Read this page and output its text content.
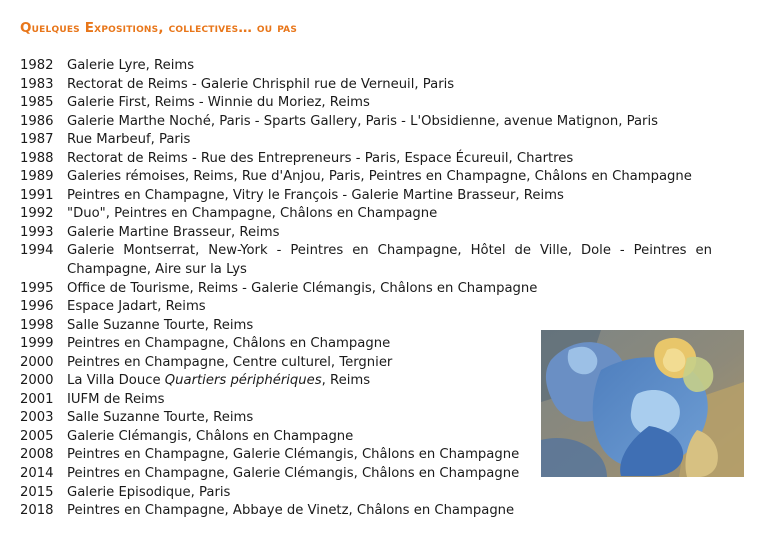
Quelques Expositions, collectives… ou pas
1982	Galerie Lyre, Reims
1983	Rectorat de Reims - Galerie Chrisphil rue de Verneuil, Paris
1985	Galerie First, Reims - Winnie du Moriez, Reims
1986	Galerie Marthe Noché, Paris - Sparts Gallery, Paris - L'Obsidienne, avenue Matignon, Paris
1987	Rue Marbeuf, Paris
1988	Rectorat de Reims - Rue des Entrepreneurs - Paris, Espace Écureuil, Chartres
1989	Galeries rémoises, Reims, Rue d'Anjou, Paris, Peintres en Champagne, Châlons en Champagne
1991	Peintres en Champagne, Vitry le François - Galerie Martine Brasseur, Reims
1992	"Duo", Peintres en Champagne, Châlons en Champagne
1993	Galerie Martine Brasseur, Reims
1994	Galerie Montserrat, New-York - Peintres en Champagne, Hôtel de Ville, Dole - Peintres en Champagne, Aire sur la Lys
1995	Office de Tourisme, Reims - Galerie Clémangis, Châlons en Champagne
1996	Espace Jadart, Reims
1998	Salle Suzanne Tourte, Reims
1999	Peintres en Champagne, Châlons en Champagne
2000	Peintres en Champagne, Centre culturel, Tergnier
2000	La Villa Douce Quartiers périphériques, Reims
2001	IUFM de Reims
2003	Salle Suzanne Tourte, Reims
2005	Galerie Clémangis, Châlons en Champagne
2008	Peintres en Champagne, Galerie Clémangis, Châlons en Champagne
2014	Peintres en Champagne, Galerie Clémangis, Châlons en Champagne
2015	Galerie Episodique, Paris
2018	Peintres en Champagne, Abbaye de Vinetz, Châlons en Champagne
